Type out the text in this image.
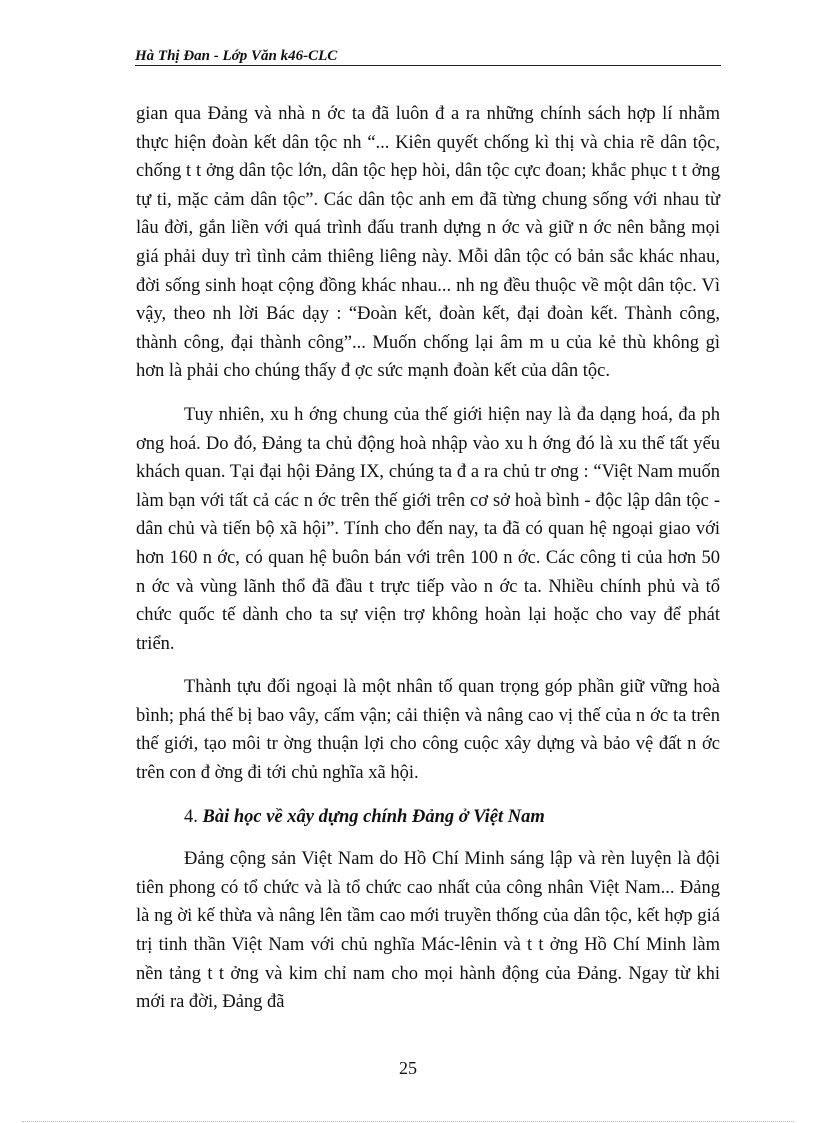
Hà Thị Đan - Lớp Văn k46-CLC

gian qua Đảng và nhà n ớc ta đã luôn đ a ra những chính sách hợp lí nhằm thực hiện đoàn kết dân tộc nh “... Kiên quyết chống kì thị và chia rẽ dân tộc, chống t t ởng dân tộc lớn, dân tộc hẹp hòi, dân tộc cực đoan; khắc phục t t ởng tự ti, mặc cảm dân tộc”. Các dân tộc anh em đã từng chung sống với nhau từ lâu đời, gắn liền với quá trình đấu tranh dựng n ớc và giữ n ớc nên bằng mọi giá phải duy trì tình cảm thiêng liêng này. Mỗi dân tộc có bản sắc khác nhau, đời sống sinh hoạt cộng đồng khác nhau... nh ng đều thuộc về một dân tộc. Vì vậy, theo nh lời Bác dạy : “Đoàn kết, đoàn kết, đại đoàn kết. Thành công, thành công, đại thành công”... Muốn chống lại âm m u của kẻ thù không gì hơn là phải cho chúng thấy đ ợc sức mạnh đoàn kết của dân tộc.

Tuy nhiên, xu h ớng chung của thế giới hiện nay là đa dạng hoá, đa ph ơng hoá. Do đó, Đảng ta chủ động hoà nhập vào xu h ớng đó là xu thế tất yếu khách quan. Tại đại hội Đảng IX, chúng ta đ a ra chủ tr ơng : “Việt Nam muốn làm bạn với tất cả các n ớc trên thế giới trên cơ sở hoà bình - độc lập dân tộc - dân chủ và tiến bộ xã hội”. Tính cho đến nay, ta đã có quan hệ ngoại giao với hơn 160 n ớc, có quan hệ buôn bán với trên 100 n ớc. Các công ti của hơn 50 n ớc và vùng lãnh thổ đã đầu t trực tiếp vào n ớc ta. Nhiều chính phủ và tổ chức quốc tế dành cho ta sự viện trợ không hoàn lại hoặc cho vay để phát triển.

Thành tựu đối ngoại là một nhân tố quan trọng góp phần giữ vững hoà bình; phá thế bị bao vây, cấm vận; cải thiện và nâng cao vị thế của n ớc ta trên thế giới, tạo môi tr ờng thuận lợi cho công cuộc xây dựng và bảo vệ đất n ớc trên con đ ờng đi tới chủ nghĩa xã hội.

4. Bài học về xây dựng chính Đảng ở Việt Nam

Đảng cộng sản Việt Nam do Hồ Chí Minh sáng lập và rèn luyện là đội tiên phong có tổ chức và là tổ chức cao nhất của công nhân Việt Nam... Đảng là ng ời kế thừa và nâng lên tầm cao mới truyền thống của dân tộc, kết hợp giá trị tinh thần Việt Nam với chủ nghĩa Mác-lênin và t t ởng Hồ Chí Minh làm nền tảng t t ởng và kim chỉ nam cho mọi hành động của Đảng. Ngay từ khi mới ra đời, Đảng đã

25
